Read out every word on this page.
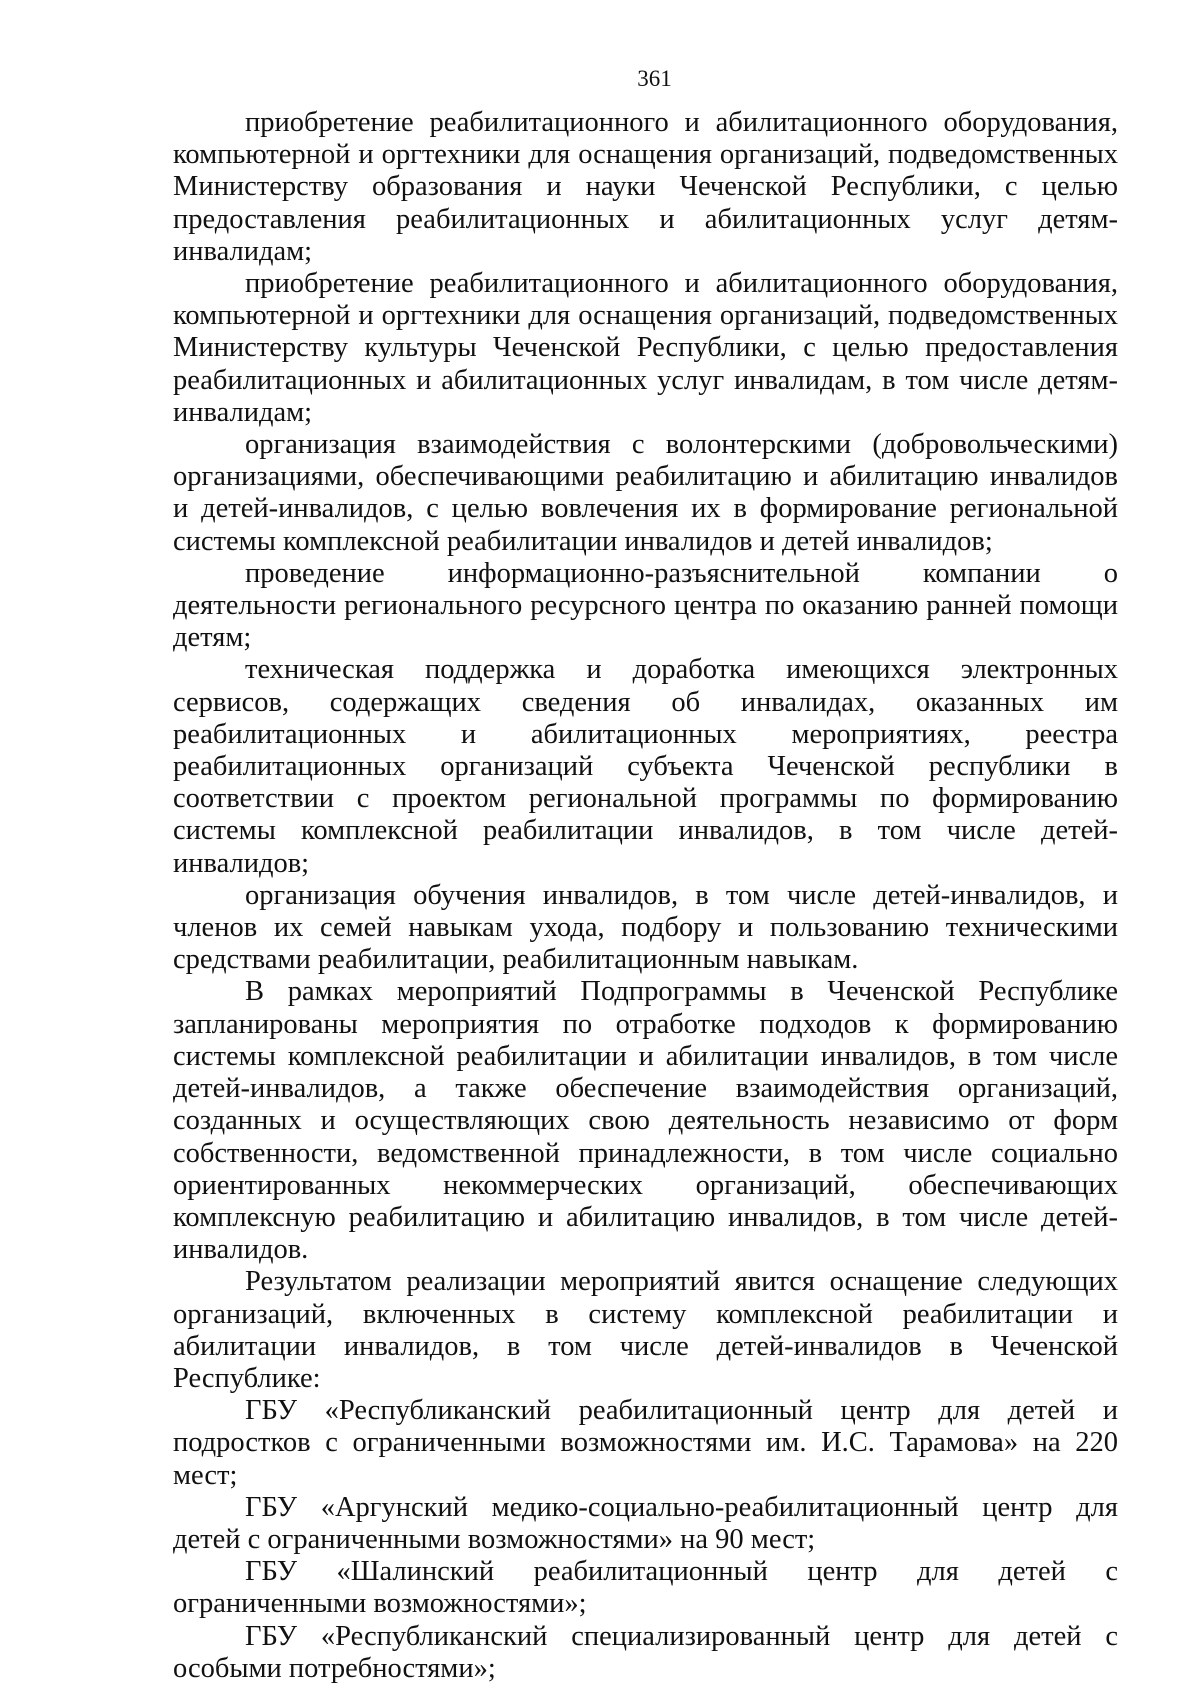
361

приобретение реабилитационного и абилитационного оборудования, компьютерной и оргтехники для оснащения организаций, подведомственных Министерству образования и науки Чеченской Республики, с целью предоставления реабилитационных и абилитационных услуг детям-инвалидам;

приобретение реабилитационного и абилитационного оборудования, компьютерной и оргтехники для оснащения организаций, подведомственных Министерству культуры Чеченской Республики, с целью предоставления реабилитационных и абилитационных услуг инвалидам, в том числе детям-инвалидам;

организация взаимодействия с волонтерскими (добровольческими) организациями, обеспечивающими реабилитацию и абилитацию инвалидов и детей-инвалидов, с целью вовлечения их в формирование региональной системы комплексной реабилитации инвалидов и детей инвалидов;

проведение информационно-разъяснительной компании о деятельности регионального ресурсного центра по оказанию ранней помощи детям;

техническая поддержка и доработка имеющихся электронных сервисов, содержащих сведения об инвалидах, оказанных им реабилитационных и абилитационных мероприятиях, реестра реабилитационных организаций субъекта Чеченской республики в соответствии с проектом региональной программы по формированию системы комплексной реабилитации инвалидов, в том числе детей-инвалидов;

организация обучения инвалидов, в том числе детей-инвалидов, и членов их семей навыкам ухода, подбору и пользованию техническими средствами реабилитации, реабилитационным навыкам.

В рамках мероприятий Подпрограммы в Чеченской Республике запланированы мероприятия по отработке подходов к формированию системы комплексной реабилитации и абилитации инвалидов, в том числе детей-инвалидов, а также обеспечение взаимодействия организаций, созданных и осуществляющих свою деятельность независимо от форм собственности, ведомственной принадлежности, в том числе социально ориентированных некоммерческих организаций, обеспечивающих комплексную реабилитацию и абилитацию инвалидов, в том числе детей-инвалидов.

Результатом реализации мероприятий явится оснащение следующих организаций, включенных в систему комплексной реабилитации и абилитации инвалидов, в том числе детей-инвалидов в Чеченской Республике:

ГБУ «Республиканский реабилитационный центр для детей и подростков с ограниченными возможностями им. И.С. Тарамова» на 220 мест;

ГБУ «Аргунский медико-социально-реабилитационный центр для детей с ограниченными возможностями» на 90 мест;

ГБУ «Шалинский реабилитационный центр для детей с ограниченными возможностями»;

ГБУ «Республиканский специализированный центр для детей с особыми потребностями»;
